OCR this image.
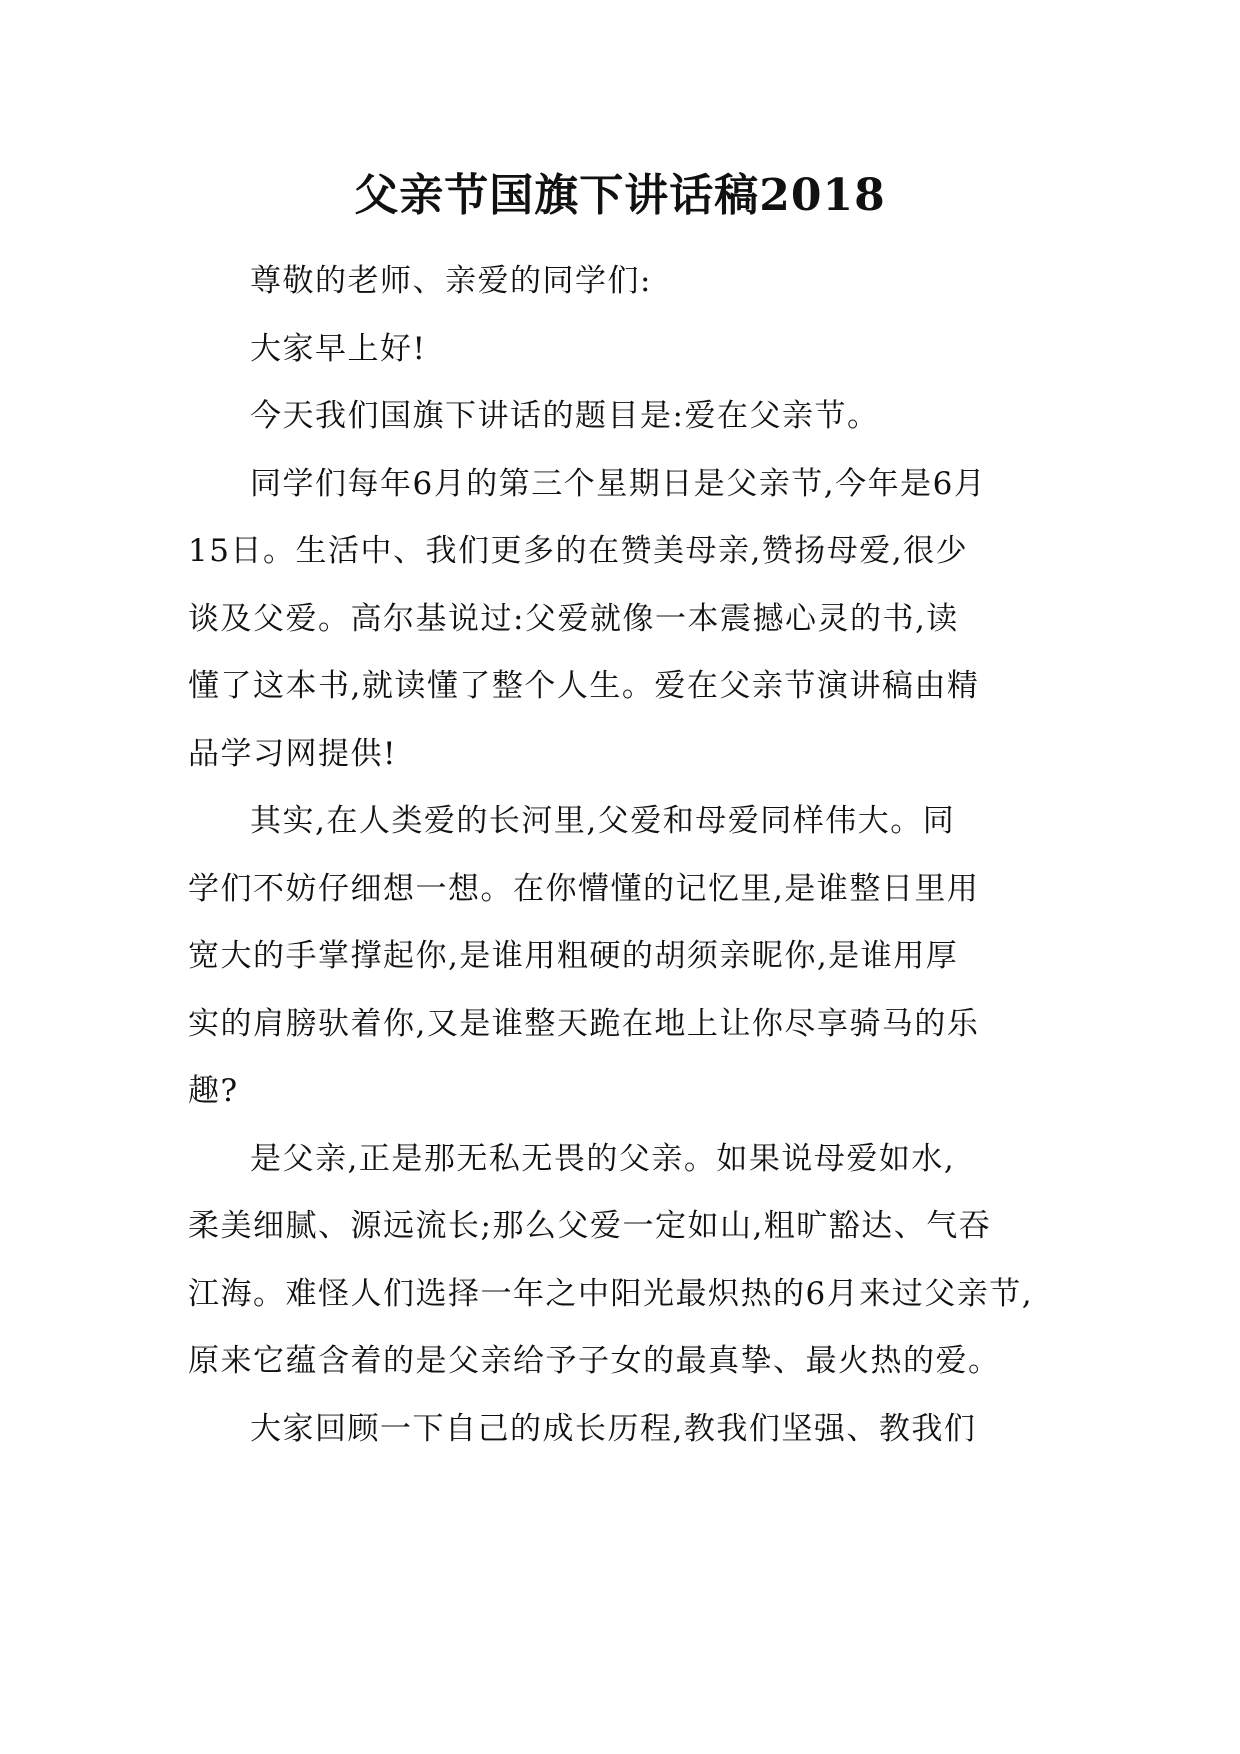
父亲节国旗下讲话稿2018

尊敬的老师、亲爱的同学们:

大家早上好!

今天我们国旗下讲话的题目是:爱在父亲节。

同学们每年6月的第三个星期日是父亲节,今年是6月
15日。生活中、我们更多的在赞美母亲,赞扬母爱,很少
谈及父爱。高尔基说过:父爱就像一本震撼心灵的书,读
懂了这本书,就读懂了整个人生。爱在父亲节演讲稿由精
品学习网提供!

其实,在人类爱的长河里,父爱和母爱同样伟大。同
学们不妨仔细想一想。在你懵懂的记忆里,是谁整日里用
宽大的手掌撑起你,是谁用粗硬的胡须亲昵你,是谁用厚
实的肩膀驮着你,又是谁整天跪在地上让你尽享骑马的乐
趣?

是父亲,正是那无私无畏的父亲。如果说母爱如水,
柔美细腻、源远流长;那么父爱一定如山,粗旷豁达、气吞
江海。难怪人们选择一年之中阳光最炽热的6月来过父亲节,
原来它蕴含着的是父亲给予子女的最真挚、最火热的爱。

大家回顾一下自己的成长历程,教我们坚强、教我们
